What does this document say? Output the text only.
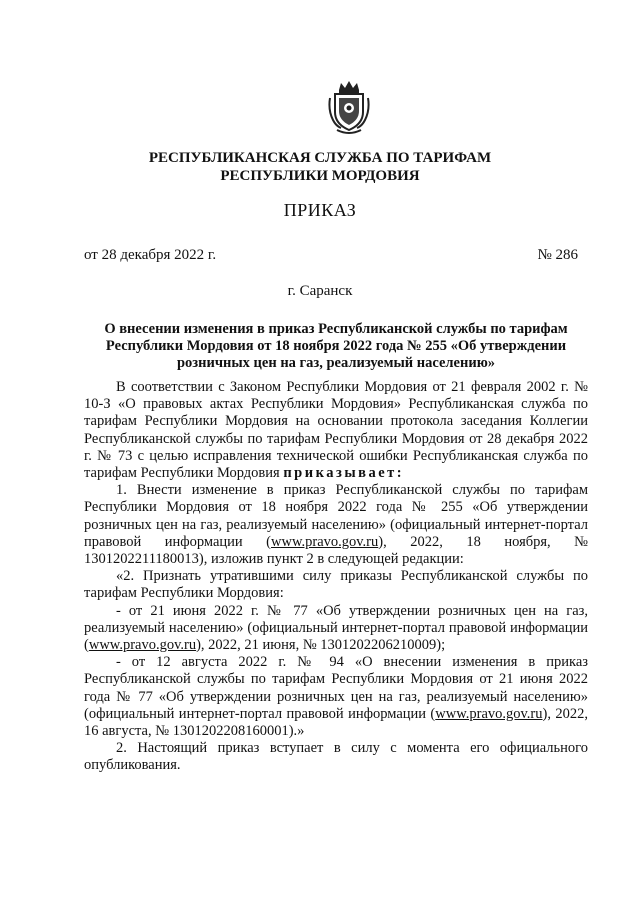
РЕСПУБЛИКАНСКАЯ СЛУЖБА ПО ТАРИФАМ
РЕСПУБЛИКИ МОРДОВИЯ
ПРИКАЗ
от 28 декабря 2022 г.	№ 286
г. Саранск
О внесении изменения в приказ Республиканской службы по тарифам
Республики Мордовия от 18 ноября 2022 года № 255 «Об утверждении
розничных цен на газ, реализуемый населению»

В соответствии с Законом Республики Мордовия от 21 февраля 2002 г. № 10-З «О правовых актах Республики Мордовия» Республиканская служба по тарифам Республики Мордовия на основании протокола заседания Коллегии Республиканской службы по тарифам Республики Мордовия от 28 декабря 2022 г. № 73 с целью исправления технической ошибки Республиканская служба по тарифам Республики Мордовия приказывает:

1. Внести изменение в приказ Республиканской службы по тарифам Республики Мордовия от 18 ноября 2022 года № 255 «Об утверждении розничных цен на газ, реализуемый населению» (официальный интернет-портал правовой информации (www.pravo.gov.ru), 2022, 18 ноября, № 1301202211180013), изложив пункт 2 в следующей редакции:

«2. Признать утратившими силу приказы Республиканской службы по тарифам Республики Мордовия:

- от 21 июня 2022 г. № 77 «Об утверждении розничных цен на газ, реализуемый населению» (официальный интернет-портал правовой информации (www.pravo.gov.ru), 2022, 21 июня, № 1301202206210009);

- от 12 августа 2022 г. № 94 «О внесении изменения в приказ Республиканской службы по тарифам Республики Мордовия от 21 июня 2022 года № 77 «Об утверждении розничных цен на газ, реализуемый населению» (официальный интернет-портал правовой информации (www.pravo.gov.ru), 2022, 16 августа, № 1301202208160001).»

2. Настоящий приказ вступает в силу с момента его официального опубликования.
